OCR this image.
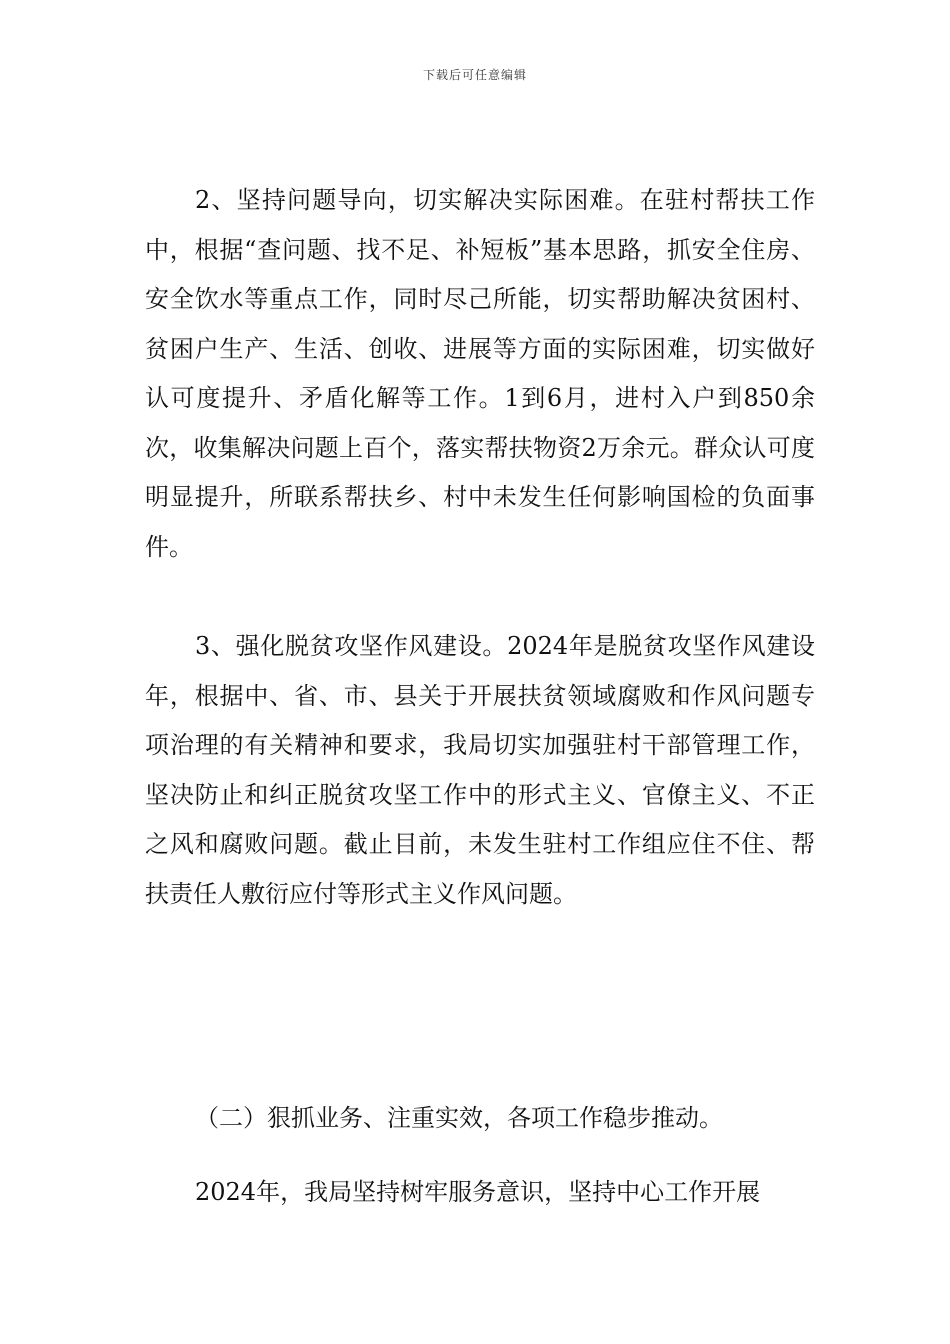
下载后可任意编辑

2、坚持问题导向，切实解决实际困难。在驻村帮扶工作中，根据“查问题、找不足、补短板”基本思路，抓安全住房、安全饮水等重点工作，同时尽己所能，切实帮助解决贫困村、贫困户生产、生活、创收、进展等方面的实际困难，切实做好认可度提升、矛盾化解等工作。1到6月，进村入户到850余次，收集解决问题上百个，落实帮扶物资2万余元。群众认可度明显提升，所联系帮扶乡、村中未发生任何影响国检的负面事件。

3、强化脱贫攻坚作风建设。2024年是脱贫攻坚作风建设年，根据中、省、市、县关于开展扶贫领域腐败和作风问题专项治理的有关精神和要求，我局切实加强驻村干部管理工作，坚决防止和纠正脱贫攻坚工作中的形式主义、官僚主义、不正之风和腐败问题。截止目前，未发生驻村工作组应住不住、帮扶责任人敷衍应付等形式主义作风问题。

（二）狠抓业务、注重实效，各项工作稳步推动。

2024年，我局坚持树牢服务意识，坚持中心工作开展
